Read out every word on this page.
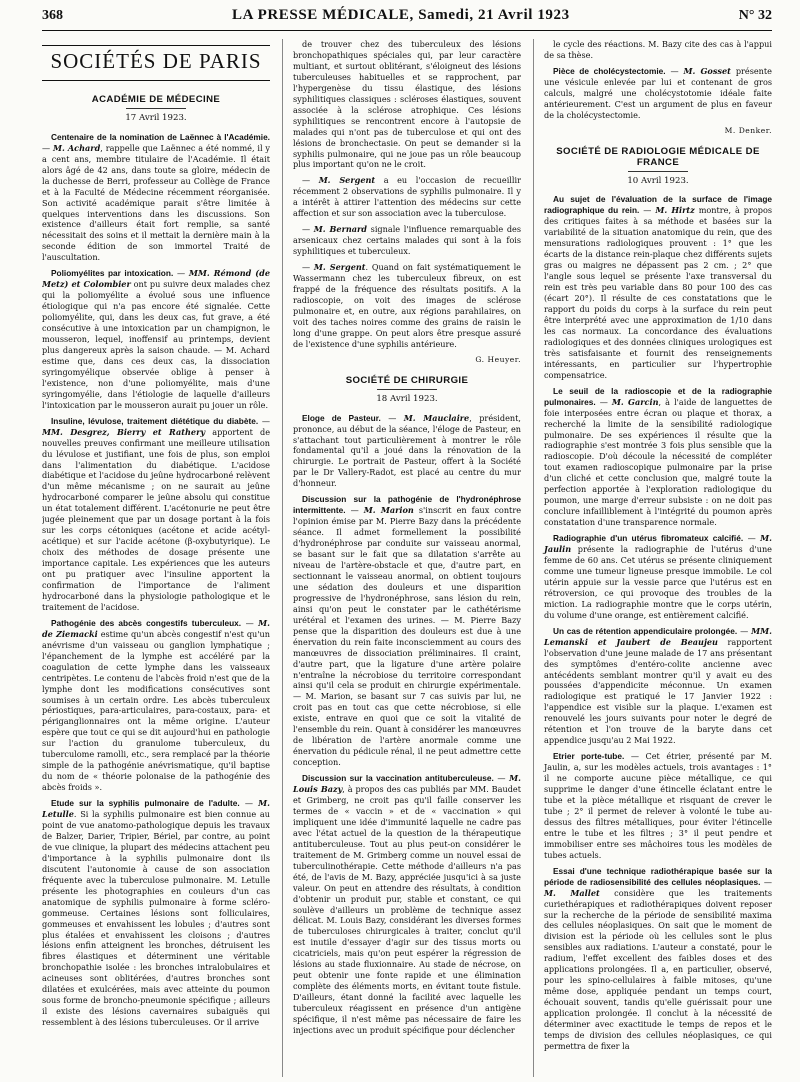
368	LA PRESSE MÉDICALE, Samedi, 21 Avril 1923	N° 32
SOCIÉTÉS DE PARIS
ACADÉMIE DE MÉDECINE
17 Avril 1923.

Centenaire de la nomination de Laënnec à l'Académie. — M. Achard, rappelle que Laënnec a été nommé, il y a cent ans, membre titulaire de l'Académie. Il était alors âgé de 42 ans, dans toute sa gloire, médecin de la duchesse de Berri, professeur au Collège de France et à la Faculté de Médecine récemment réorganisée. Son activité académique parait s'être limitée à quelques interventions dans les discussions. Son existence d'ailleurs était fort remplie, sa santé nécessitait des soins et il mettait la dernière main à la seconde édition de son immortel Traité de l'auscultation.

Poliomyélites par intoxication. — MM. Rémond (de Metz) et Colombier ont pu suivre deux malades chez qui la poliomyélite a évolué sous une influence étiologique qui n'a pas encore été signalée. Cette poliomyélite, qui, dans les deux cas, fut grave, a été consécutive à une intoxication par un champignon, le mousseron, lequel, inoffensif au printemps, devient plus dangereux après la saison chaude. — M. Achard estime que, dans ces deux cas, la dissociation syringomyélique observée oblige à penser à l'existence, non d'une poliomyélite, mais d'une syringomyélie, dans l'étiologie de laquelle d'ailleurs l'intoxication par le mousseron aurait pu jouer un rôle.

Insuline, lévulose, traitement diététique du diabète. — MM. Desgrez, Bierry et Rathery apportent de nouvelles preuves confirmant une meilleure utilisation du lévulose et justifiant, une fois de plus, son emploi dans l'alimentation du diabétique. L'acidose diabétique et l'acidose du jeûne hydrocarboné relèvent d'un même mécanisme ; on ne saurait au jeûne hydrocarboné comparer le jeûne absolu qui constitue un état totalement différent. L'acétonurie ne peut être jugée pleinement que par un dosage portant à la fois sur les corps cétoniques (acétone et acide acétyl-acétique) et sur l'acide acétone (β-oxybutyrique). Le choix des méthodes de dosage présente une importance capitale. Les expériences que les auteurs ont pu pratiquer avec l'insuline apportent la confirmation de l'importance de l'aliment hydrocarboné dans la physiologie pathologique et le traitement de l'acidose.

Pathogénie des abcès congestifs tuberculeux. — M. de Ziemacki estime qu'un abcès congestif n'est qu'un anévrisme d'un vaisseau ou ganglion lymphatique ; l'épanchement de la lymphe est accéléré par la coagulation de cette lymphe dans les vaisseaux centripètes. Le contenu de l'abcès froid n'est que de la lymphe dont les modifications consécutives sont soumises à un certain ordre. Les abcès tuberculeux périostiques, para-articulaires, para-costaux, para- et périganglionnaires ont la même origine. L'auteur espère que tout ce qui se dit aujourd'hui en pathologie sur l'action du granulome tuberculeux, du tuberculome ramolli, etc., sera remplacé par la théorie simple de la pathogénie anévrismatique, qu'il baptise du nom de « théorie polonaise de la pathogénie des abcès froids ».

Etude sur la syphilis pulmonaire de l'adulte. — M. Letulle. Si la syphilis pulmonaire est bien connue au point de vue anatomo-pathologique depuis les travaux de Balzer, Darier, Tripier, Bériel, par contre, au point de vue clinique, la plupart des médecins attachent peu d'importance à la syphilis pulmonaire dont ils discutent l'autonomie à cause de son association fréquente avec la tuberculose pulmonaire. M. Letulle présente les photographies en couleurs d'un cas anatomique de syphilis pulmonaire à forme scléro-gommeuse. Certaines lésions sont folliculaires, gommeuses et envahissent les lobules ; d'autres sont plus étalées et envahissent les cloisons ; d'autres lésions enfin atteignent les bronches, détruisent les fibres élastiques et déterminent une véritable bronchopathie isolée : les bronches intralobulaires et acineuses sont oblitérées, d'autres bronches sont dilatées et exulcérées, mais avec atteinte du poumon sous forme de broncho-pneumonie spécifique ; ailleurs il existe des lésions cavernaires subaiguës qui ressemblent à des lésions tuberculeuses. Or il arrive

de trouver chez des tuberculeux des lésions bronchopathiques spéciales qui, par leur caractère multiant, et surtout oblitérant, s'éloigneut des lésions tuberculeuses habituelles et se rapprochent, par l'hypergenèse du tissu élastique, des lésions syphilitiques classiques : scléroses élastiques, souvent associée à la sclérose atrophique. Ces lésions syphilitiques se rencontrent encore à l'autopsie de malades qui n'ont pas de tuberculose et qui ont des lésions de bronchectasie. On peut se demander si la syphilis pulmonaire, qui ne joue pas un rôle beaucoup plus important qu'on ne le croit.

— M. Sergent a eu l'occasion de recueillir récemment 2 observations de syphilis pulmonaire. Il y a intérêt à attirer l'attention des médecins sur cette affection et sur son association avec la tuberculose.

— M. Bernard signale l'influence remarquable des arsenicaux chez certains malades qui sont à la fois syphilitiques et tuberculeux.

— M. Sergent. Quand on fait systématiquement le Wassermann chez les tuberculeux fibreux, on est frappé de la fréquence des résultats positifs. A la radioscopie, on voit des images de sclérose pulmonaire et, en outre, aux régions parahilaires, on voit des taches noires comme des grains de raisin le long d'une grappe. On peut alors être presque assuré de l'existence d'une syphilis antérieure.

G. Heuyer.
SOCIÉTÉ DE CHIRURGIE
18 Avril 1923.

Eloge de Pasteur. — M. Mauclaire, président, prononce, au début de la séance, l'éloge de Pasteur, en s'attachant tout particulièrement à montrer le rôle fondamental qu'il a joué dans la rénovation de la chirurgie. Le portrait de Pasteur, offert à la Société par le Dr Vallery-Radot, est placé au centre du mur d'honneur.

Discussion sur la pathogénie de l'hydronéphrose intermittente. — M. Marion s'inscrit en faux contre l'opinion émise par M. Pierre Bazy dans la précédente séance. Il admet formellement la possibilité d'hydronéphrose par conduite sur vaisseau anormal, se basant sur le fait que sa dilatation s'arrête au niveau de l'artère-obstacle et que, d'autre part, en sectionnant le vaisseau anormal, on obtient toujours une sédation des douleurs et une disparition progressive de l'hydronéphrose, sans lésion du rein, ainsi qu'on peut le constater par le cathétérisme urétéral et l'examen des urines. — M. Pierre Bazy pense que la disparition des douleurs est due à une énervation du rein faite inconsciemment au cours des manœuvres de dissociation préliminaires. Il craint, d'autre part, que la ligature d'une artère polaire n'entraîne la nécrobiose du territoire correspondant ainsi qu'il cela se produit en chirurgie expérimentale. — M. Marion, se basant sur 7 cas suivis par lui, ne croit pas en tout cas que cette nécrobiose, si elle existe, entrave en quoi que ce soit la vitalité de l'ensemble du rein. Quant à considérer les manœuvres de libération de l'artère anormale comme une énervation du pédicule rénal, il ne peut admettre cette conception.

Discussion sur la vaccination antituberculeuse. — M. Louis Bazy, à propos des cas publiés par MM. Baudet et Grimberg, ne croit pas qu'il faille conserver les termes de « vaccin » et de « vaccination » qui impliquent une idée d'immunité laquelle ne cadre pas avec l'état actuel de la question de la thérapeutique antituberculeuse. Tout au plus peut-on considérer le traitement de M. Grimberg comme un nouvel essai de tuberculinothérapie. Cette méthode d'ailleurs n'a pas été, de l'avis de M. Bazy, appréciée jusqu'ici à sa juste valeur. On peut en attendre des résultats, à condition d'obtenir un produit pur, stable et constant, ce qui soulève d'ailleurs un problème de technique assez délicat. M. Louis Bazy, considérant les diverses formes de tuberculoses chirurgicales à traiter, conclut qu'il est inutile d'essayer d'agir sur des tissus morts ou cicatriciels, mais qu'on peut espérer la régression de lésions au stade fluxionnaire. Au stade de nécrose, on peut obtenir une fonte rapide et une élimination complète des éléments morts, en évitant toute fistule. D'ailleurs, étant donné la facilité avec laquelle les tuberculeux réagissent en présence d'un antigène spécifique, il n'est même pas nécessaire de faire les injections avec un produit spécifique pour déclencher

le cycle des réactions. M. Bazy cite des cas à l'appui de sa thèse.

Pièce de cholécystectomie. — M. Gosset présente une vésicule enlevée par lui et contenant de gros calculs, malgré une cholécystotomie idéale faite antérieurement. C'est un argument de plus en faveur de la cholécystectomie.

M. Denker.
SOCIÉTÉ DE RADIOLOGIE MÉDICALE DE FRANCE
10 Avril 1923.

Au sujet de l'évaluation de la surface de l'image radiographique du rein. — M. Hirtz montre, à propos des critiques faites à sa méthode et basées sur la variabilité de la situation anatomique du rein, que des mensurations radiologiques prouvent : 1° que les écarts de la distance rein-plaque chez différents sujets gras ou maigres ne dépassent pas 2 cm. ; 2° que l'angle sous lequel se présente l'axe transversal du rein est très peu variable dans 80 pour 100 des cas (écart 20°). Il résulte de ces constatations que le rapport du poids du corps à la surface du rein peut être interprété avec une approximation de 1/10 dans les cas normaux. La concordance des évaluations radiologiques et des données cliniques urologiques est très satisfaisante et fournit des renseignements intéressants, en particulier sur l'hypertrophie compensatrice.

Le seuil de la radioscopie et de la radiographie pulmonaires. — M. Garcin, à l'aide de languettes de foie interposées entre écran ou plaque et thorax, a recherché la limite de la sensibilité radiologique pulmonaire. De ses expériences il résulte que la radiographie s'est montrée 3 fois plus sensible que la radioscopie. D'où découle la nécessité de compléter tout examen radioscopique pulmonaire par la prise d'un cliché et cette conclusion que, malgré toute la perfection apportée à l'exploration radiologique du poumon, une marge d'erreur subsiste : on ne doit pas conclure infailliblement à l'intégrité du poumon après constatation d'une transparence normale.

Radiographie d'un utérus fibromateux calcifié. — M. Jaulin présente la radiographie de l'utérus d'une femme de 60 ans. Cet utérus se présente cliniquement comme une tumeur ligneuse presque immobile. Le col utérin appuie sur la vessie parce que l'utérus est en rétroversion, ce qui provoque des troubles de la miction. La radiographie montre que le corps utérin, du volume d'une orange, est entièrement calcifié.

Un cas de rétention appendiculaire prolongée. — MM. Lemanski et Jaubert de Beaujeu rapportent l'observation d'une jeune malade de 17 ans présentant des symptômes d'entéro-colite ancienne avec antécédents semblant montrer qu'il y avait eu des poussées d'appendicite méconnue. Un examen radiologique est pratiqué le 17 Janvier 1922 : l'appendice est visible sur la plaque. L'examen est renouvelé les jours suivants pour noter le degré de rétention et l'on trouve de la baryte dans cet appendice jusqu'au 2 Mai 1922.

Etrier porte-tube. — Cet étrier, présenté par M. Jaulin, a, sur les modèles actuels, trois avantages : 1° il ne comporte aucune pièce métallique, ce qui supprime le danger d'une étincelle éclatant entre le tube et la pièce métallique et risquant de crever le tube ; 2° il permet de relever à volonté le tube au-dessus des filtres métalliques, pour éviter l'étincelle entre le tube et les filtres ; 3° il peut pendre et immobiliser entre ses mâchoires tous les modèles de tubes actuels.

Essai d'une technique radiothérapique basée sur la période de radiosensibilité des cellules néoplasiques. — M. Mallet considère que les traitements curiethérapiques et radiothérapiques doivent reposer sur la recherche de la période de sensibilité maxima des cellules néoplasiques. On sait que le moment de division est la période où les cellules sont le plus sensibles aux radiations. L'auteur a constaté, pour le radium, l'effet excellent des faibles doses et des applications prolongées. Il a, en particulier, observé, pour les spino-cellulaires à faible mitoses, qu'une même dose, appliquée pendant un temps court, échouait souvent, tandis qu'elle guérissait pour une application prolongée. Il conclut à la nécessité de déterminer avec exactitude le temps de repos et le temps de division des cellules néoplasiques, ce qui permettra de fixer la
